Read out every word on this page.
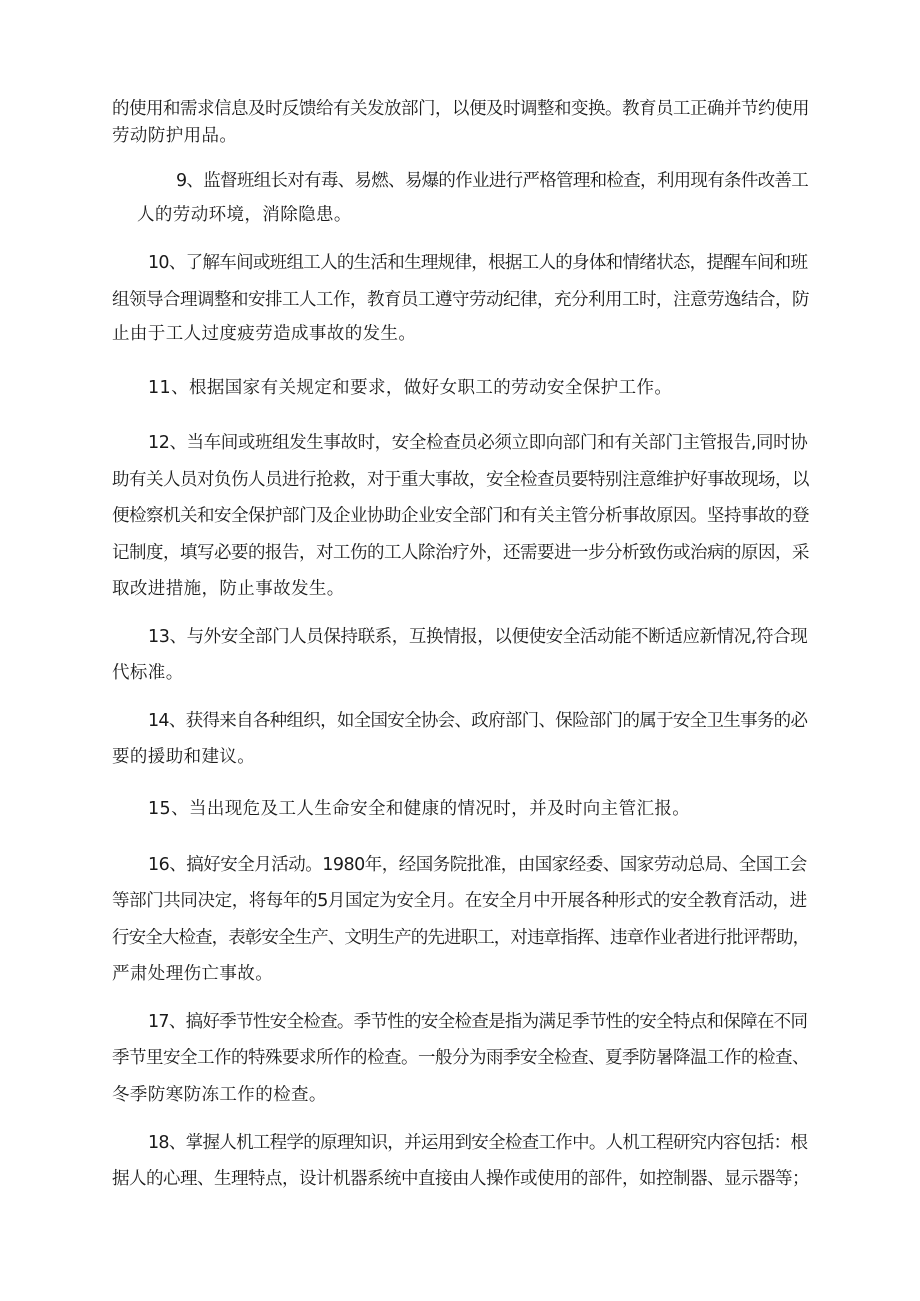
的使用和需求信息及时反馈给有关发放部门，以便及时调整和变换。教育员工正确并节约使用
劳动防护用品。
9、监督班组长对有毒、易燃、易爆的作业进行严格管理和检查，利用现有条件改善工
人的劳动环境，消除隐患。
10、了解车间或班组工人的生活和生理规律，根据工人的身体和情绪状态，提醒车间和班
组领导合理调整和安排工人工作，教育员工遵守劳动纪律，充分利用工时，注意劳逸结合，防
止由于工人过度疲劳造成事故的发生。
11、根据国家有关规定和要求，做好女职工的劳动安全保护工作。
12、当车间或班组发生事故时，安全检查员必须立即向部门和有关部门主管报告,同时协
助有关人员对负伤人员进行抢救，对于重大事故，安全检查员要特别注意维护好事故现场，以
便检察机关和安全保护部门及企业协助企业安全部门和有关主管分析事故原因。坚持事故的登
记制度，填写必要的报告，对工伤的工人除治疗外，还需要进一步分析致伤或治病的原因，采
取改进措施，防止事故发生。
13、与外安全部门人员保持联系，互换情报，以便使安全活动能不断适应新情况,符合现
代标准。
14、获得来自各种组织，如全国安全协会、政府部门、保险部门的属于安全卫生事务的必
要的援助和建议。
15、当出现危及工人生命安全和健康的情况时，并及时向主管汇报。
16、搞好安全月活动。1980年，经国务院批准，由国家经委、国家劳动总局、全国工会
等部门共同决定，将每年的5月国定为安全月。在安全月中开展各种形式的安全教育活动，进
行安全大检查，表彰安全生产、文明生产的先进职工，对违章指挥、违章作业者进行批评帮助，
严肃处理伤亡事故。
17、搞好季节性安全检查。季节性的安全检查是指为满足季节性的安全特点和保障在不同
季节里安全工作的特殊要求所作的检查。一般分为雨季安全检查、夏季防暑降温工作的检查、
冬季防寒防冻工作的检查。
18、掌握人机工程学的原理知识，并运用到安全检查工作中。人机工程研究内容包括：根
据人的心理、生理特点，设计机器系统中直接由人操作或使用的部件，如控制器、显示器等；
